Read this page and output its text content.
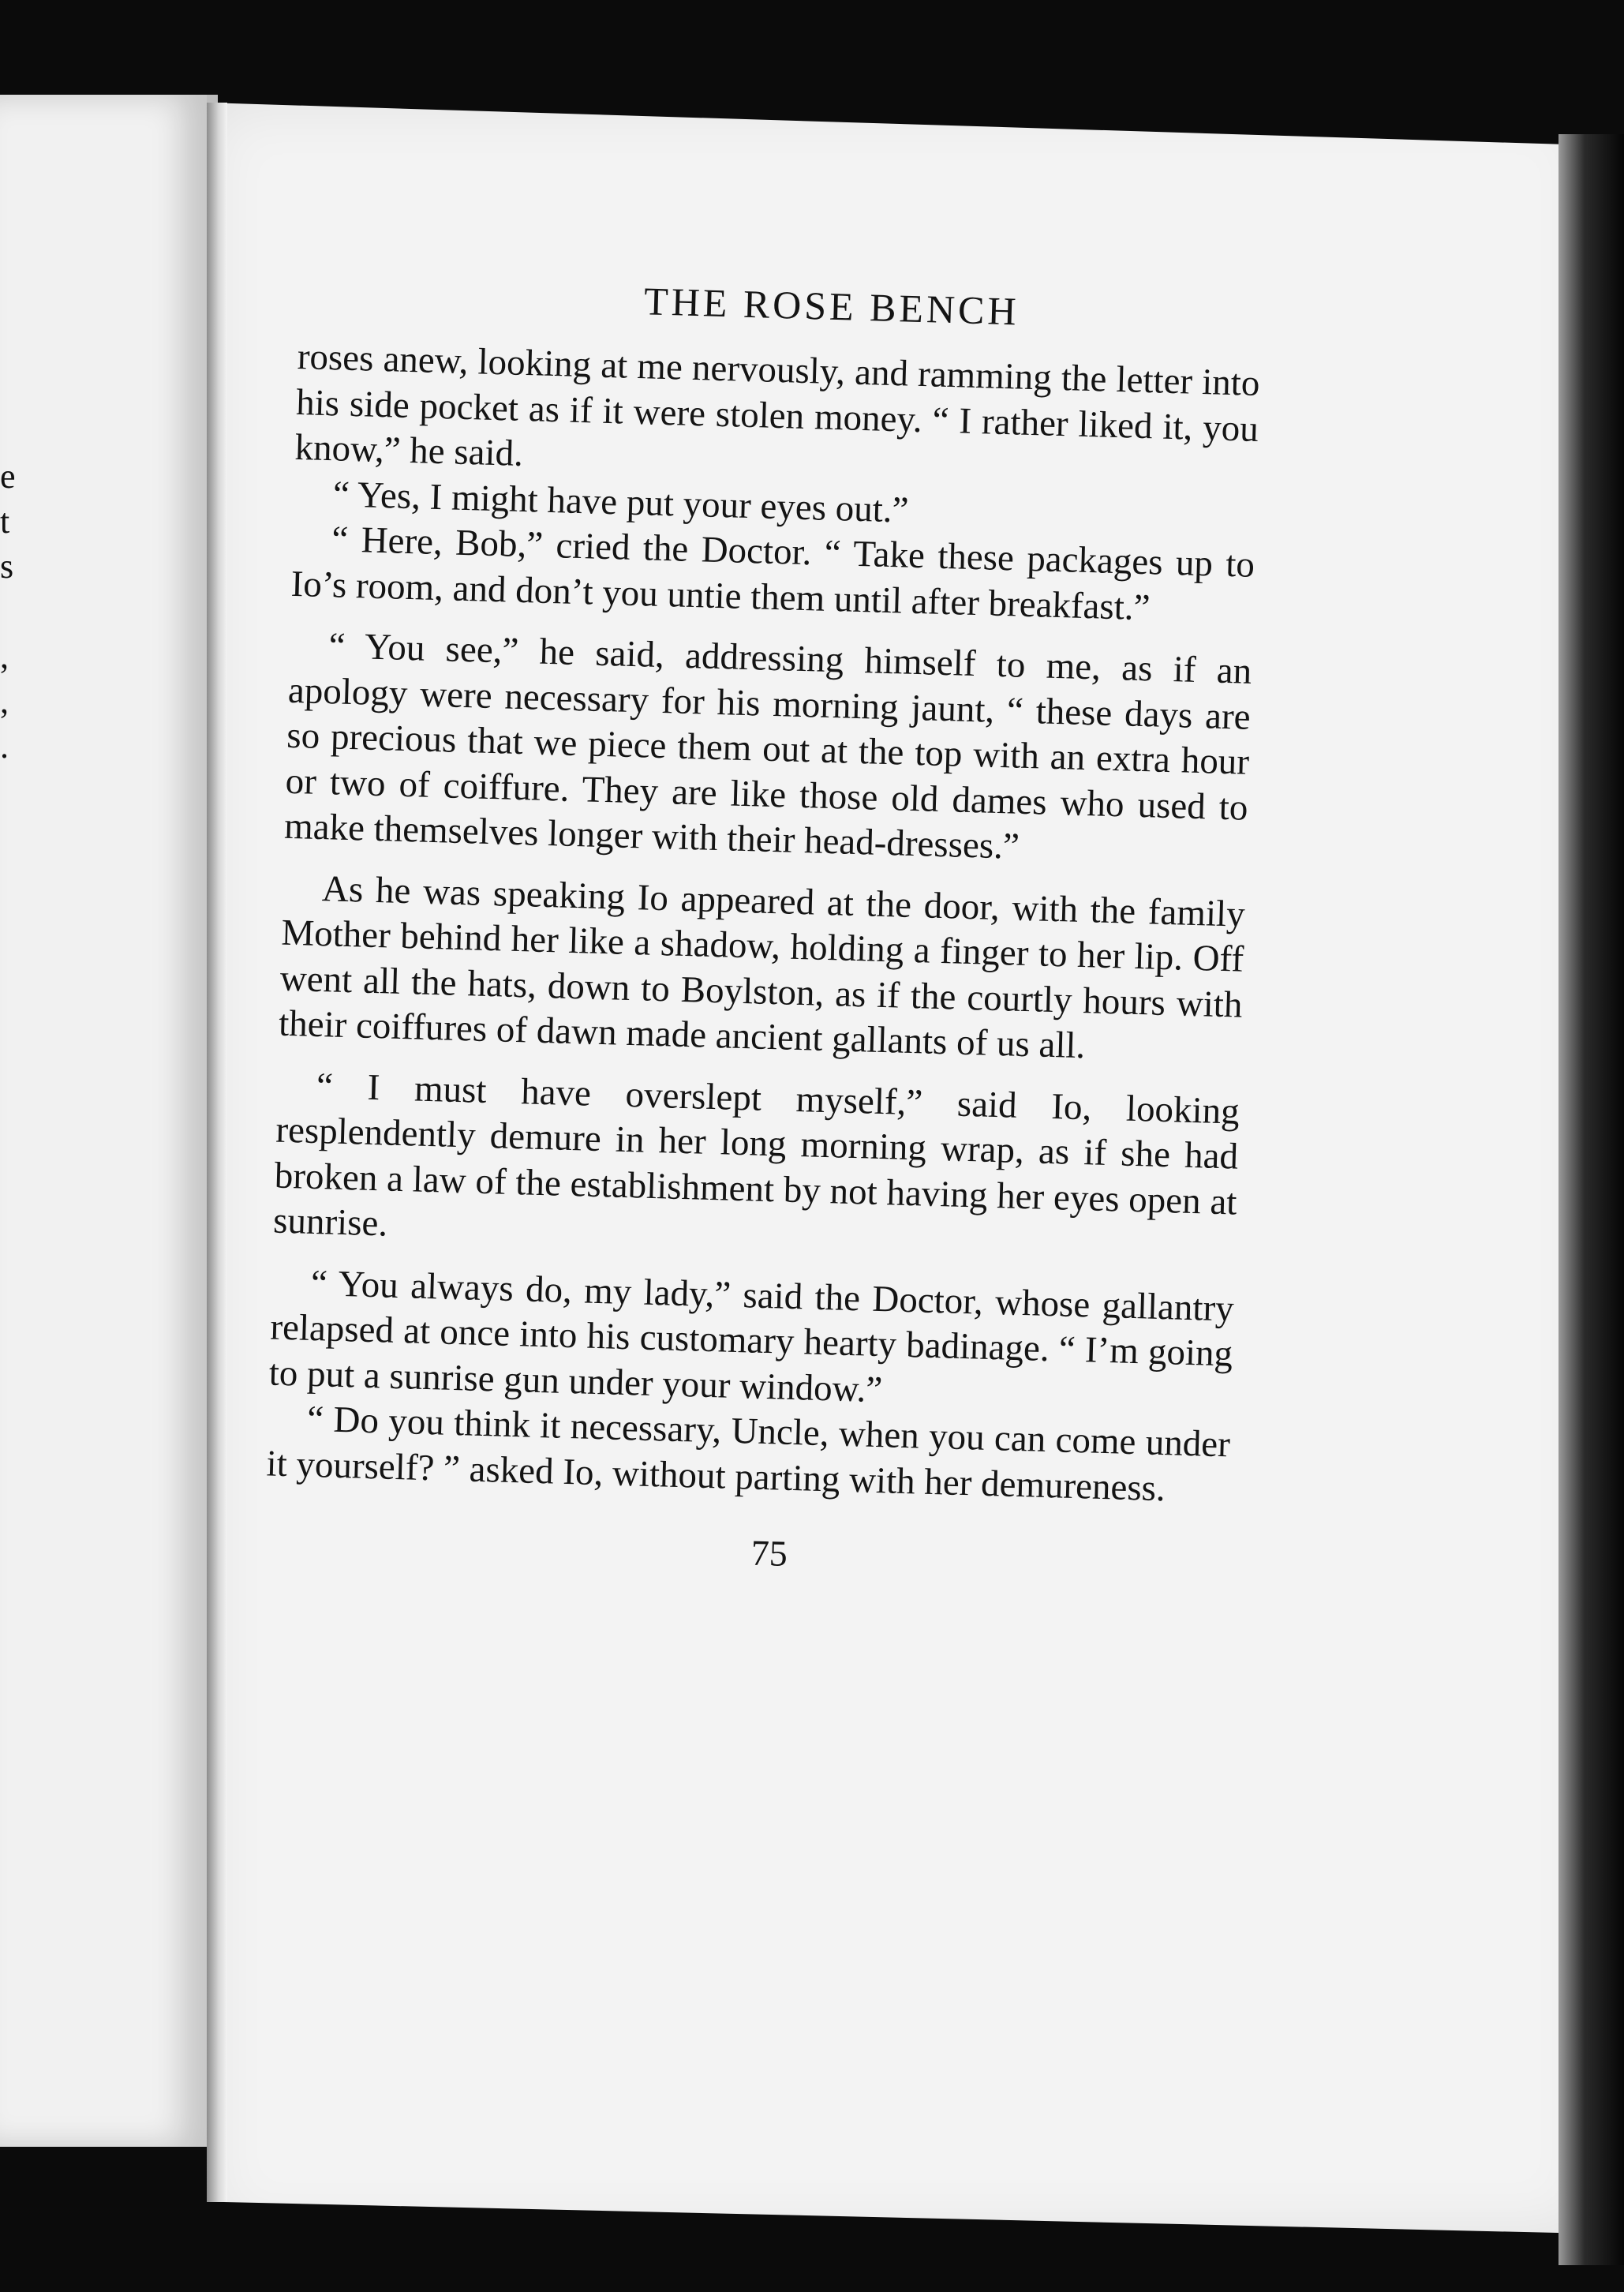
e
t
s
,
,
.
THE ROSE BENCH

roses anew, looking at me nervously, and ramming the letter into his side pocket as if it were stolen money. “ I rather liked it, you know,” he said.

“ Yes, I might have put your eyes out.”

“ Here, Bob,” cried the Doctor. “ Take these packages up to Io’s room, and don’t you untie them until after breakfast.”

“ You see,” he said, addressing himself to me, as if an apology were necessary for his morning jaunt, “ these days are so precious that we piece them out at the top with an extra hour or two of coiffure. They are like those old dames who used to make themselves longer with their head-dresses.”

As he was speaking Io appeared at the door, with the family Mother behind her like a shadow, holding a finger to her lip. Off went all the hats, down to Boylston, as if the courtly hours with their coiffures of dawn made ancient gallants of us all.

“ I must have overslept myself,” said Io, looking resplendently demure in her long morning wrap, as if she had broken a law of the establishment by not having her eyes open at sunrise.

“ You always do, my lady,” said the Doctor, whose gallantry relapsed at once into his customary hearty badinage. “ I’m going to put a sunrise gun under your window.”

“ Do you think it necessary, Uncle, when you can come under it yourself? ” asked Io, without parting with her demureness.

75
